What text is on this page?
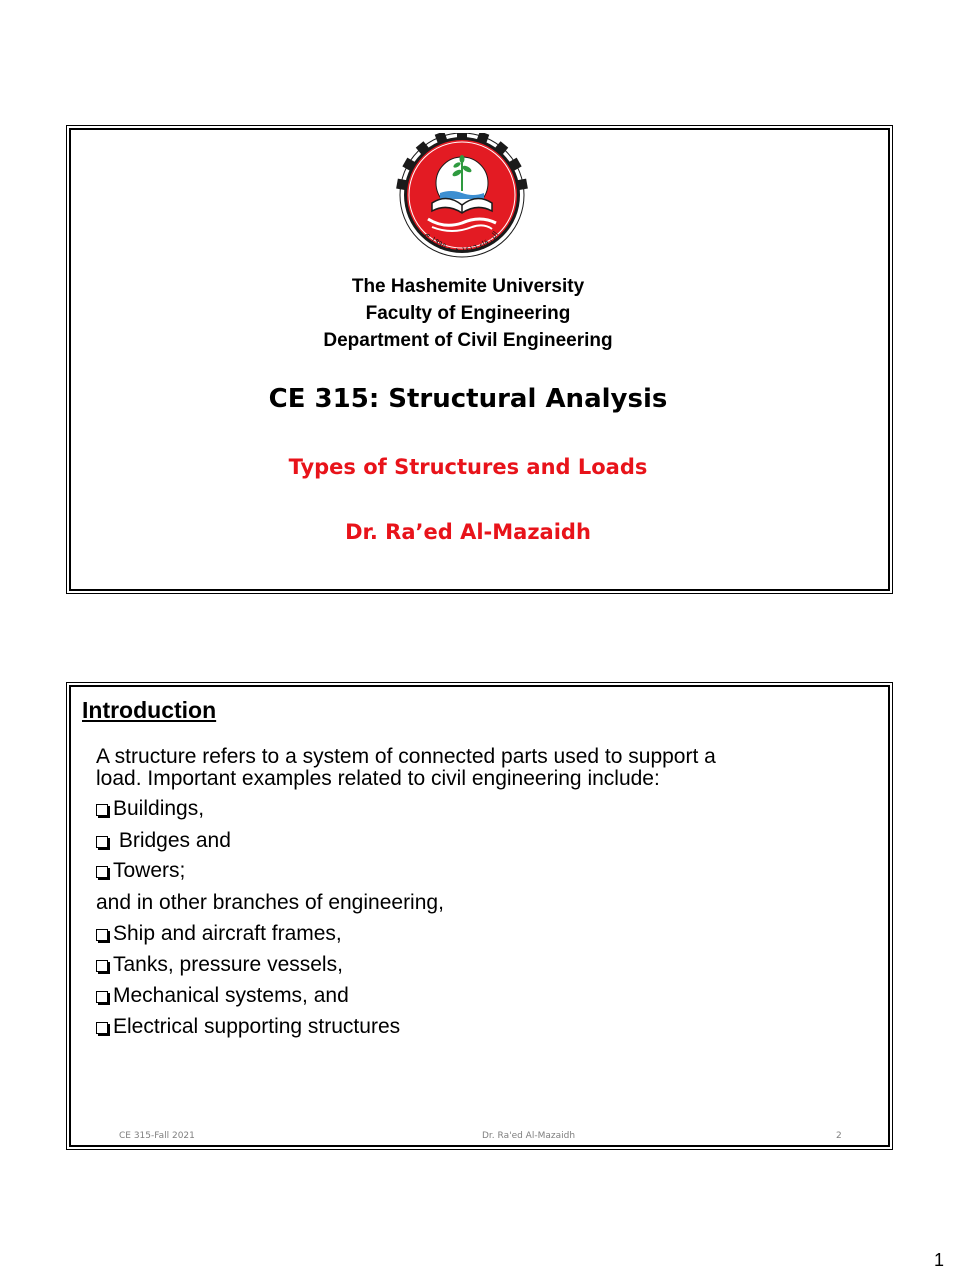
الزرقاء ١٤١٦ هـ - ١٩٩٥ م
The Hashemite University
Faculty of Engineering
Department of Civil Engineering
CE 315: Structural Analysis
Types of Structures and Loads
Dr. Ra’ed Al-Mazaidh
Introduction
A structure refers to a system of connected parts used to support a
load. Important examples related to civil engineering include:
Buildings,
Bridges and
Towers;
and in other branches of engineering,
Ship and aircraft frames,
Tanks, pressure vessels,
Mechanical systems, and
Electrical supporting structures
CE 315-Fall 2021	Dr. Ra'ed Al-Mazaidh	2
1
